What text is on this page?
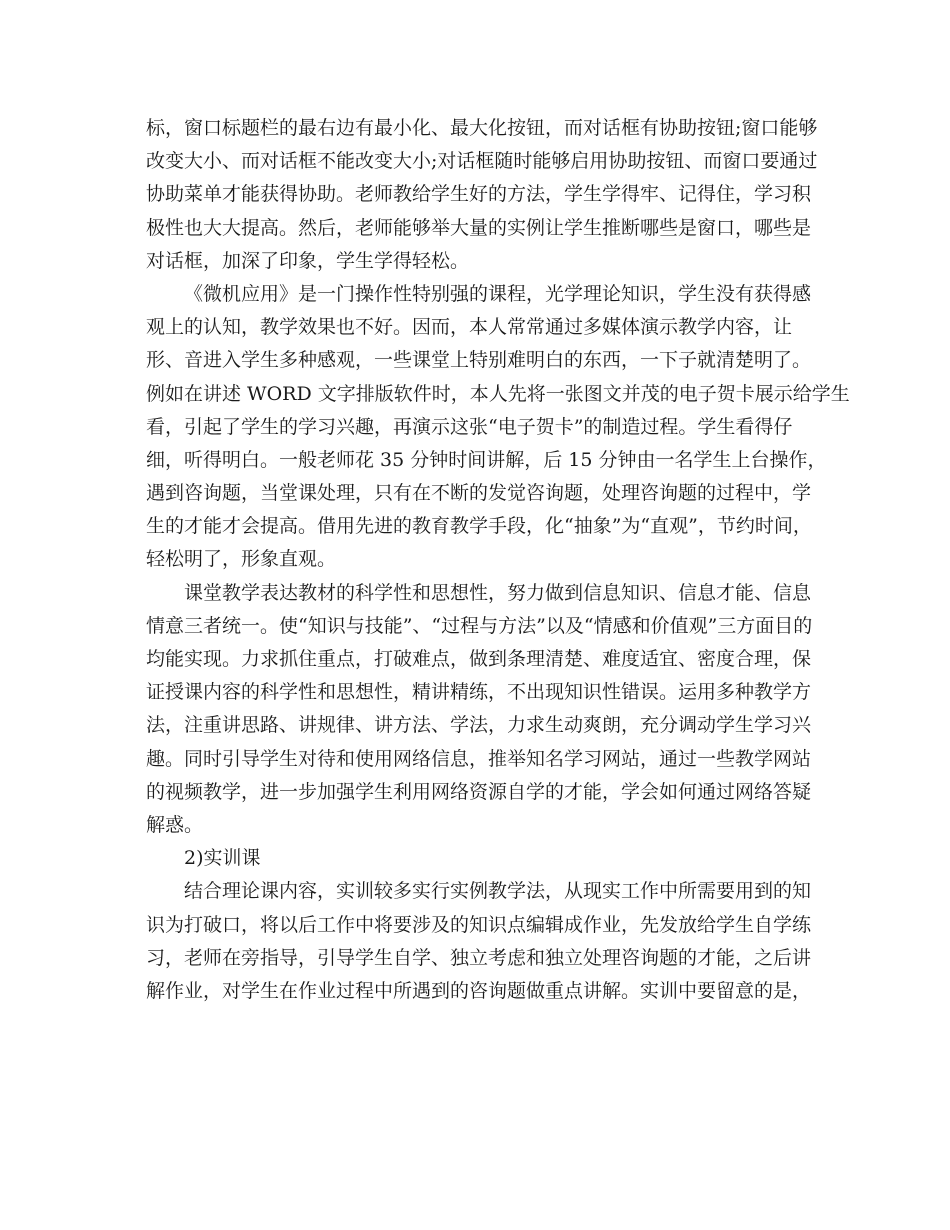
标，窗口标题栏的最右边有最小化、最大化按钮，而对话框有协助按钮;窗口能够
改变大小、而对话框不能改变大小;对话框随时能够启用协助按钮、而窗口要通过
协助菜单才能获得协助。老师教给学生好的方法，学生学得牢、记得住，学习积
极性也大大提高。然后，老师能够举大量的实例让学生推断哪些是窗口，哪些是
对话框，加深了印象，学生学得轻松。
《微机应用》是一门操作性特别强的课程，光学理论知识，学生没有获得感
观上的认知，教学效果也不好。因而，本人常常通过多媒体演示教学内容，让
形、音进入学生多种感观，一些课堂上特别难明白的东西，一下子就清楚明了。
例如在讲述 WORD 文字排版软件时，本人先将一张图文并茂的电子贺卡展示给学生
看，引起了学生的学习兴趣，再演示这张“电子贺卡”的制造过程。学生看得仔
细，听得明白。一般老师花 35 分钟时间讲解，后 15 分钟由一名学生上台操作，
遇到咨询题，当堂课处理，只有在不断的发觉咨询题，处理咨询题的过程中，学
生的才能才会提高。借用先进的教育教学手段，化“抽象”为“直观”，节约时间，
轻松明了，形象直观。
课堂教学表达教材的科学性和思想性，努力做到信息知识、信息才能、信息
情意三者统一。使“知识与技能”、“过程与方法”以及“情感和价值观”三方面目的
均能实现。力求抓住重点，打破难点，做到条理清楚、难度适宜、密度合理，保
证授课内容的科学性和思想性，精讲精练，不出现知识性错误。运用多种教学方
法，注重讲思路、讲规律、讲方法、学法，力求生动爽朗，充分调动学生学习兴
趣。同时引导学生对待和使用网络信息，推举知名学习网站，通过一些教学网站
的视频教学，进一步加强学生利用网络资源自学的才能，学会如何通过网络答疑
解惑。
2)实训课
结合理论课内容，实训较多实行实例教学法，从现实工作中所需要用到的知
识为打破口，将以后工作中将要涉及的知识点编辑成作业，先发放给学生自学练
习，老师在旁指导，引导学生自学、独立考虑和独立处理咨询题的才能，之后讲
解作业，对学生在作业过程中所遇到的咨询题做重点讲解。实训中要留意的是，
